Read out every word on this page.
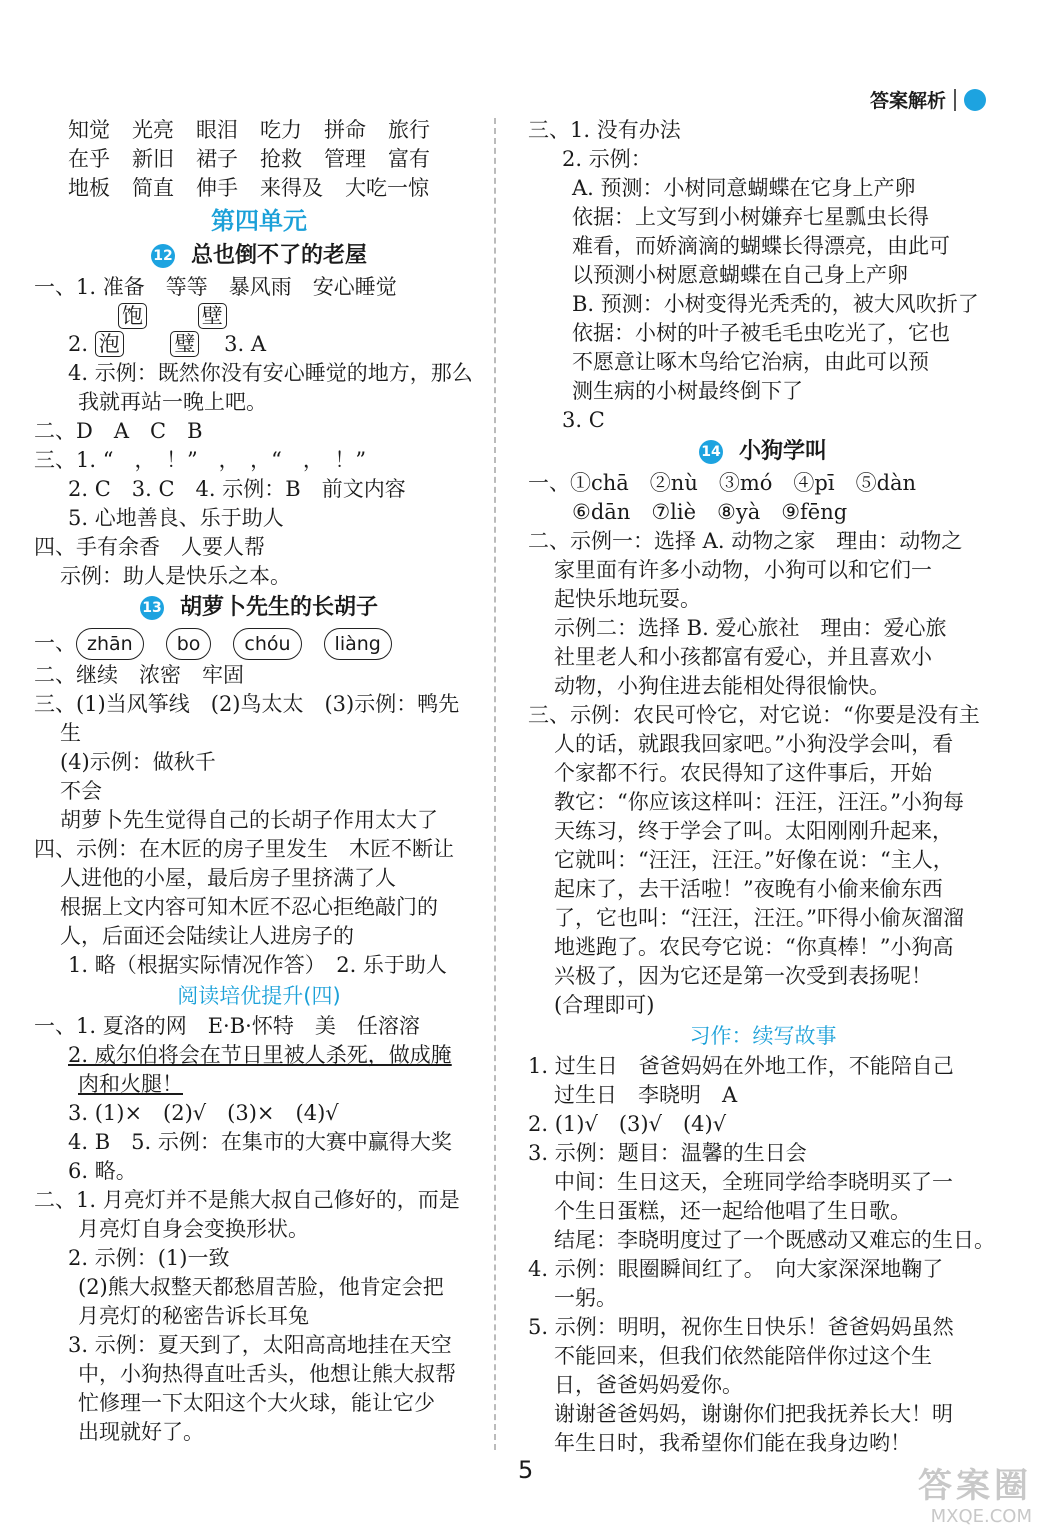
答案解析
知觉 光亮 眼泪 吃力 拼命 旅行
在乎 新旧 裙子 抢救 管理 富有
地板 简直 伸手 来得及 大吃一惊
第四单元
12 总也倒不了的老屋
一、1. 准备　等等　暴风雨　安心睡觉
饱	壁
2. 泡	璧 3. A
4. 示例：既然你没有安心睡觉的地方，那么
我就再站一晚上吧。
二、D　A　C　B
三、1. “　，　！”　，　，“　，　！”
2. C　3. C　4. 示例：B　前文内容
5. 心地善良、乐于助人
四、手有余香　人要人帮
示例：助人是快乐之本。
13 胡萝卜先生的长胡子
一、 zhān bo chóu liàng
二、继续　浓密　牢固
三、(1)当风筝线　(2)鸟太太　(3)示例：鸭先
生
(4)示例：做秋千
不会
胡萝卜先生觉得自己的长胡子作用太大了
四、示例：在木匠的房子里发生　木匠不断让
人进他的小屋，最后房子里挤满了人
根据上文内容可知木匠不忍心拒绝敲门的
人，后面还会陆续让人进房子的
1. 略（根据实际情况作答）　2. 乐于助人
阅读培优提升(四)
一、1. 夏洛的网　E·B·怀特　美　任溶溶
2. 威尔伯将会在节日里被人杀死，做成腌
肉和火腿！
3. (1)×　(2)√　(3)×　(4)√
4. B　5. 示例：在集市的大赛中赢得大奖
6. 略。
二、1. 月亮灯并不是熊大叔自己修好的，而是
月亮灯自身会变换形状。
2. 示例：(1)一致
(2)熊大叔整天都愁眉苦脸，他肯定会把
月亮灯的秘密告诉长耳兔
3. 示例：夏天到了，太阳高高地挂在天空
中，小狗热得直吐舌头，他想让熊大叔帮
忙修理一下太阳这个大火球，能让它少
出现就好了。
三、1. 没有办法
2. 示例：
A. 预测：小树同意蝴蝶在它身上产卵
依据：上文写到小树嫌弃七星瓢虫长得
难看，而娇滴滴的蝴蝶长得漂亮，由此可
以预测小树愿意蝴蝶在自己身上产卵
B. 预测：小树变得光秃秃的，被大风吹折了
依据：小树的叶子被毛毛虫吃光了，它也
不愿意让啄木鸟给它治病，由此可以预
测生病的小树最终倒下了
3. C
14 小狗学叫
一、①chā　②nù　③mó　④pī　⑤dàn
⑥dān　⑦liè　⑧yà　⑨fēng
二、示例一：选择 A. 动物之家　理由：动物之
家里面有许多小动物，小狗可以和它们一
起快乐地玩耍。
示例二：选择 B. 爱心旅社　理由：爱心旅
社里老人和小孩都富有爱心，并且喜欢小
动物，小狗住进去能相处得很愉快。
三、示例：农民可怜它，对它说：“你要是没有主
人的话，就跟我回家吧。”小狗没学会叫，看
个家都不行。农民得知了这件事后，开始
教它：“你应该这样叫：汪汪，汪汪。”小狗每
天练习，终于学会了叫。太阳刚刚升起来，
它就叫：“汪汪，汪汪。”好像在说：“主人，
起床了，去干活啦！”夜晚有小偷来偷东西
了，它也叫：“汪汪，汪汪。”吓得小偷灰溜溜
地逃跑了。农民夸它说：“你真棒！”小狗高
兴极了，因为它还是第一次受到表扬呢！
(合理即可)
习作：续写故事
1. 过生日　爸爸妈妈在外地工作，不能陪自己
过生日　李晓明　A
2. (1)√　(3)√　(4)√
3. 示例：题目：温馨的生日会
中间：生日这天，全班同学给李晓明买了一
个生日蛋糕，还一起给他唱了生日歌。
结尾：李晓明度过了一个既感动又难忘的生日。
4. 示例：眼圈瞬间红了。　向大家深深地鞠了
一躬。
5. 示例：明明，祝你生日快乐！爸爸妈妈虽然
不能回来，但我们依然能陪伴你过这个生
日，爸爸妈妈爱你。
谢谢爸爸妈妈，谢谢你们把我抚养长大！明
年生日时，我希望你们能在我身边哟！
5	答案圈
MXQE.COM
